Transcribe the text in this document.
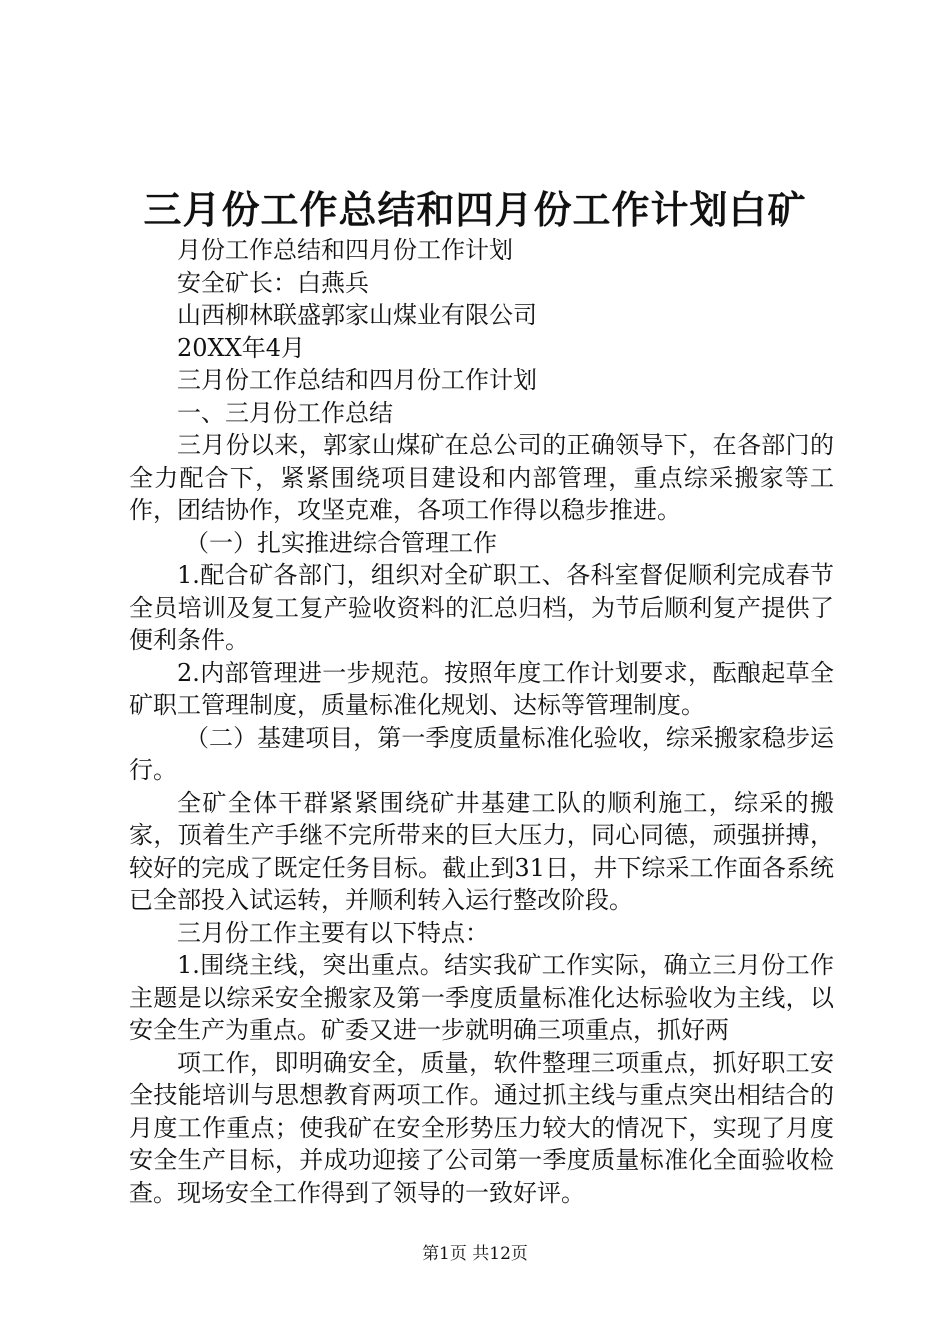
三月份工作总结和四月份工作计划白矿

月份工作总结和四月份工作计划

安全矿长：白燕兵

山西柳林联盛郭家山煤业有限公司

20XX年4月

三月份工作总结和四月份工作计划

一、三月份工作总结

三月份以来，郭家山煤矿在总公司的正确领导下，在各部门的全力配合下，紧紧围绕项目建设和内部管理，重点综采搬家等工作，团结协作，攻坚克难，各项工作得以稳步推进。

（一）扎实推进综合管理工作

1.配合矿各部门，组织对全矿职工、各科室督促顺利完成春节全员培训及复工复产验收资料的汇总归档，为节后顺利复产提供了便利条件。

2.内部管理进一步规范。按照年度工作计划要求，酝酿起草全矿职工管理制度，质量标准化规划、达标等管理制度。

（二）基建项目，第一季度质量标准化验收，综采搬家稳步运行。

全矿全体干群紧紧围绕矿井基建工队的顺利施工，综采的搬家，顶着生产手继不完所带来的巨大压力，同心同德，顽强拼搏，较好的完成了既定任务目标。截止到31日，井下综采工作面各系统已全部投入试运转，并顺利转入运行整改阶段。

三月份工作主要有以下特点：

1.围绕主线，突出重点。结实我矿工作实际，确立三月份工作主题是以综采安全搬家及第一季度质量标准化达标验收为主线，以安全生产为重点。矿委又进一步就明确三项重点，抓好两

项工作，即明确安全，质量，软件整理三项重点，抓好职工安全技能培训与思想教育两项工作。通过抓主线与重点突出相结合的月度工作重点；使我矿在安全形势压力较大的情况下，实现了月度安全生产目标，并成功迎接了公司第一季度质量标准化全面验收检查。现场安全工作得到了领导的一致好评。

第1页 共12页
